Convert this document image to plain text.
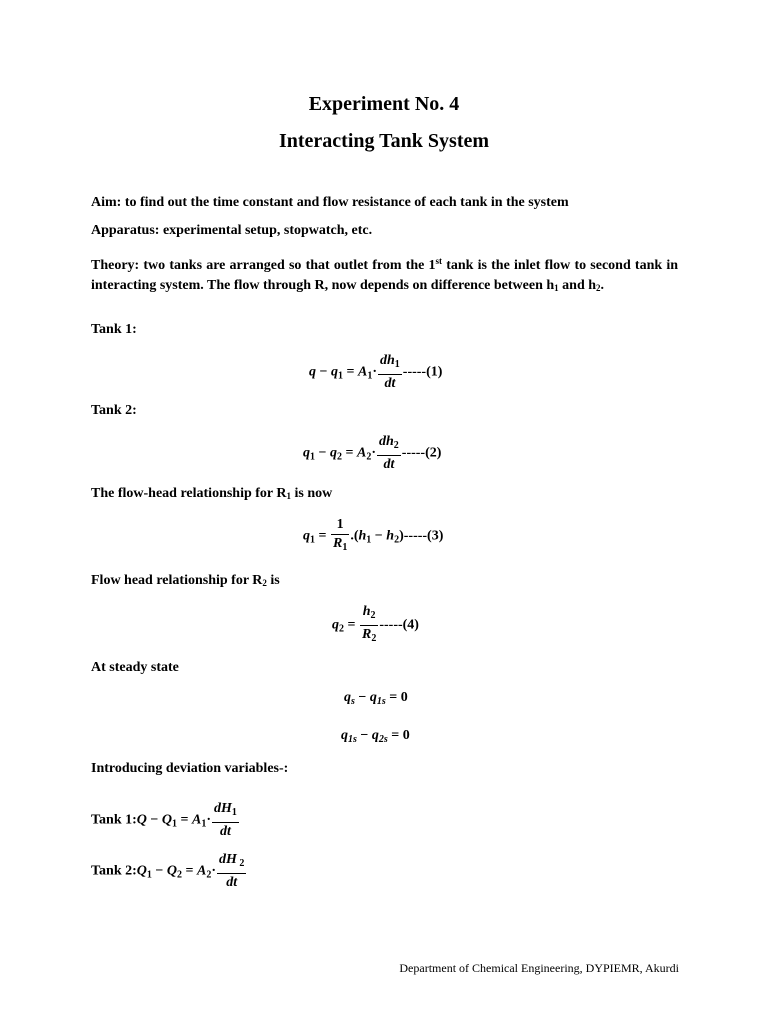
Experiment No. 4
Interacting Tank System
Aim: to find out the time constant and flow resistance of each tank in the system
Apparatus: experimental setup, stopwatch, etc.
Theory: two tanks are arranged so that outlet from the 1st tank is the inlet flow to second tank in interacting system. The flow through R, now depends on difference between h1 and h2.
Tank 1:
$q - q_1 = A_1\cdot \frac{dh_1}{dt} -----(1)$
Tank 2:
$q_1 - q_2 = A_2\cdot \frac{dh_2}{dt} -----(2)$
The flow-head relationship for R1 is now
$q_1 = \frac{1}{R_1} .(h_1 - h_2)-----(3)$
Flow head relationship for R2 is
$q_2 = \frac{h_2}{R_2} -----(4)$
At steady state
$q_s - q_{1s} = 0$
$q_{1s} - q_{2s} = 0$
Introducing deviation variables-:
Tank 1:Q − $Q_1 = A_1\cdot \frac{dH_1}{dt}$
Tank $2:Q_1 - Q_2 = A_2\cdot \frac{dH _2}{dt}$
Department of Chemical Engineering, DYPIEMR, Akurdi
